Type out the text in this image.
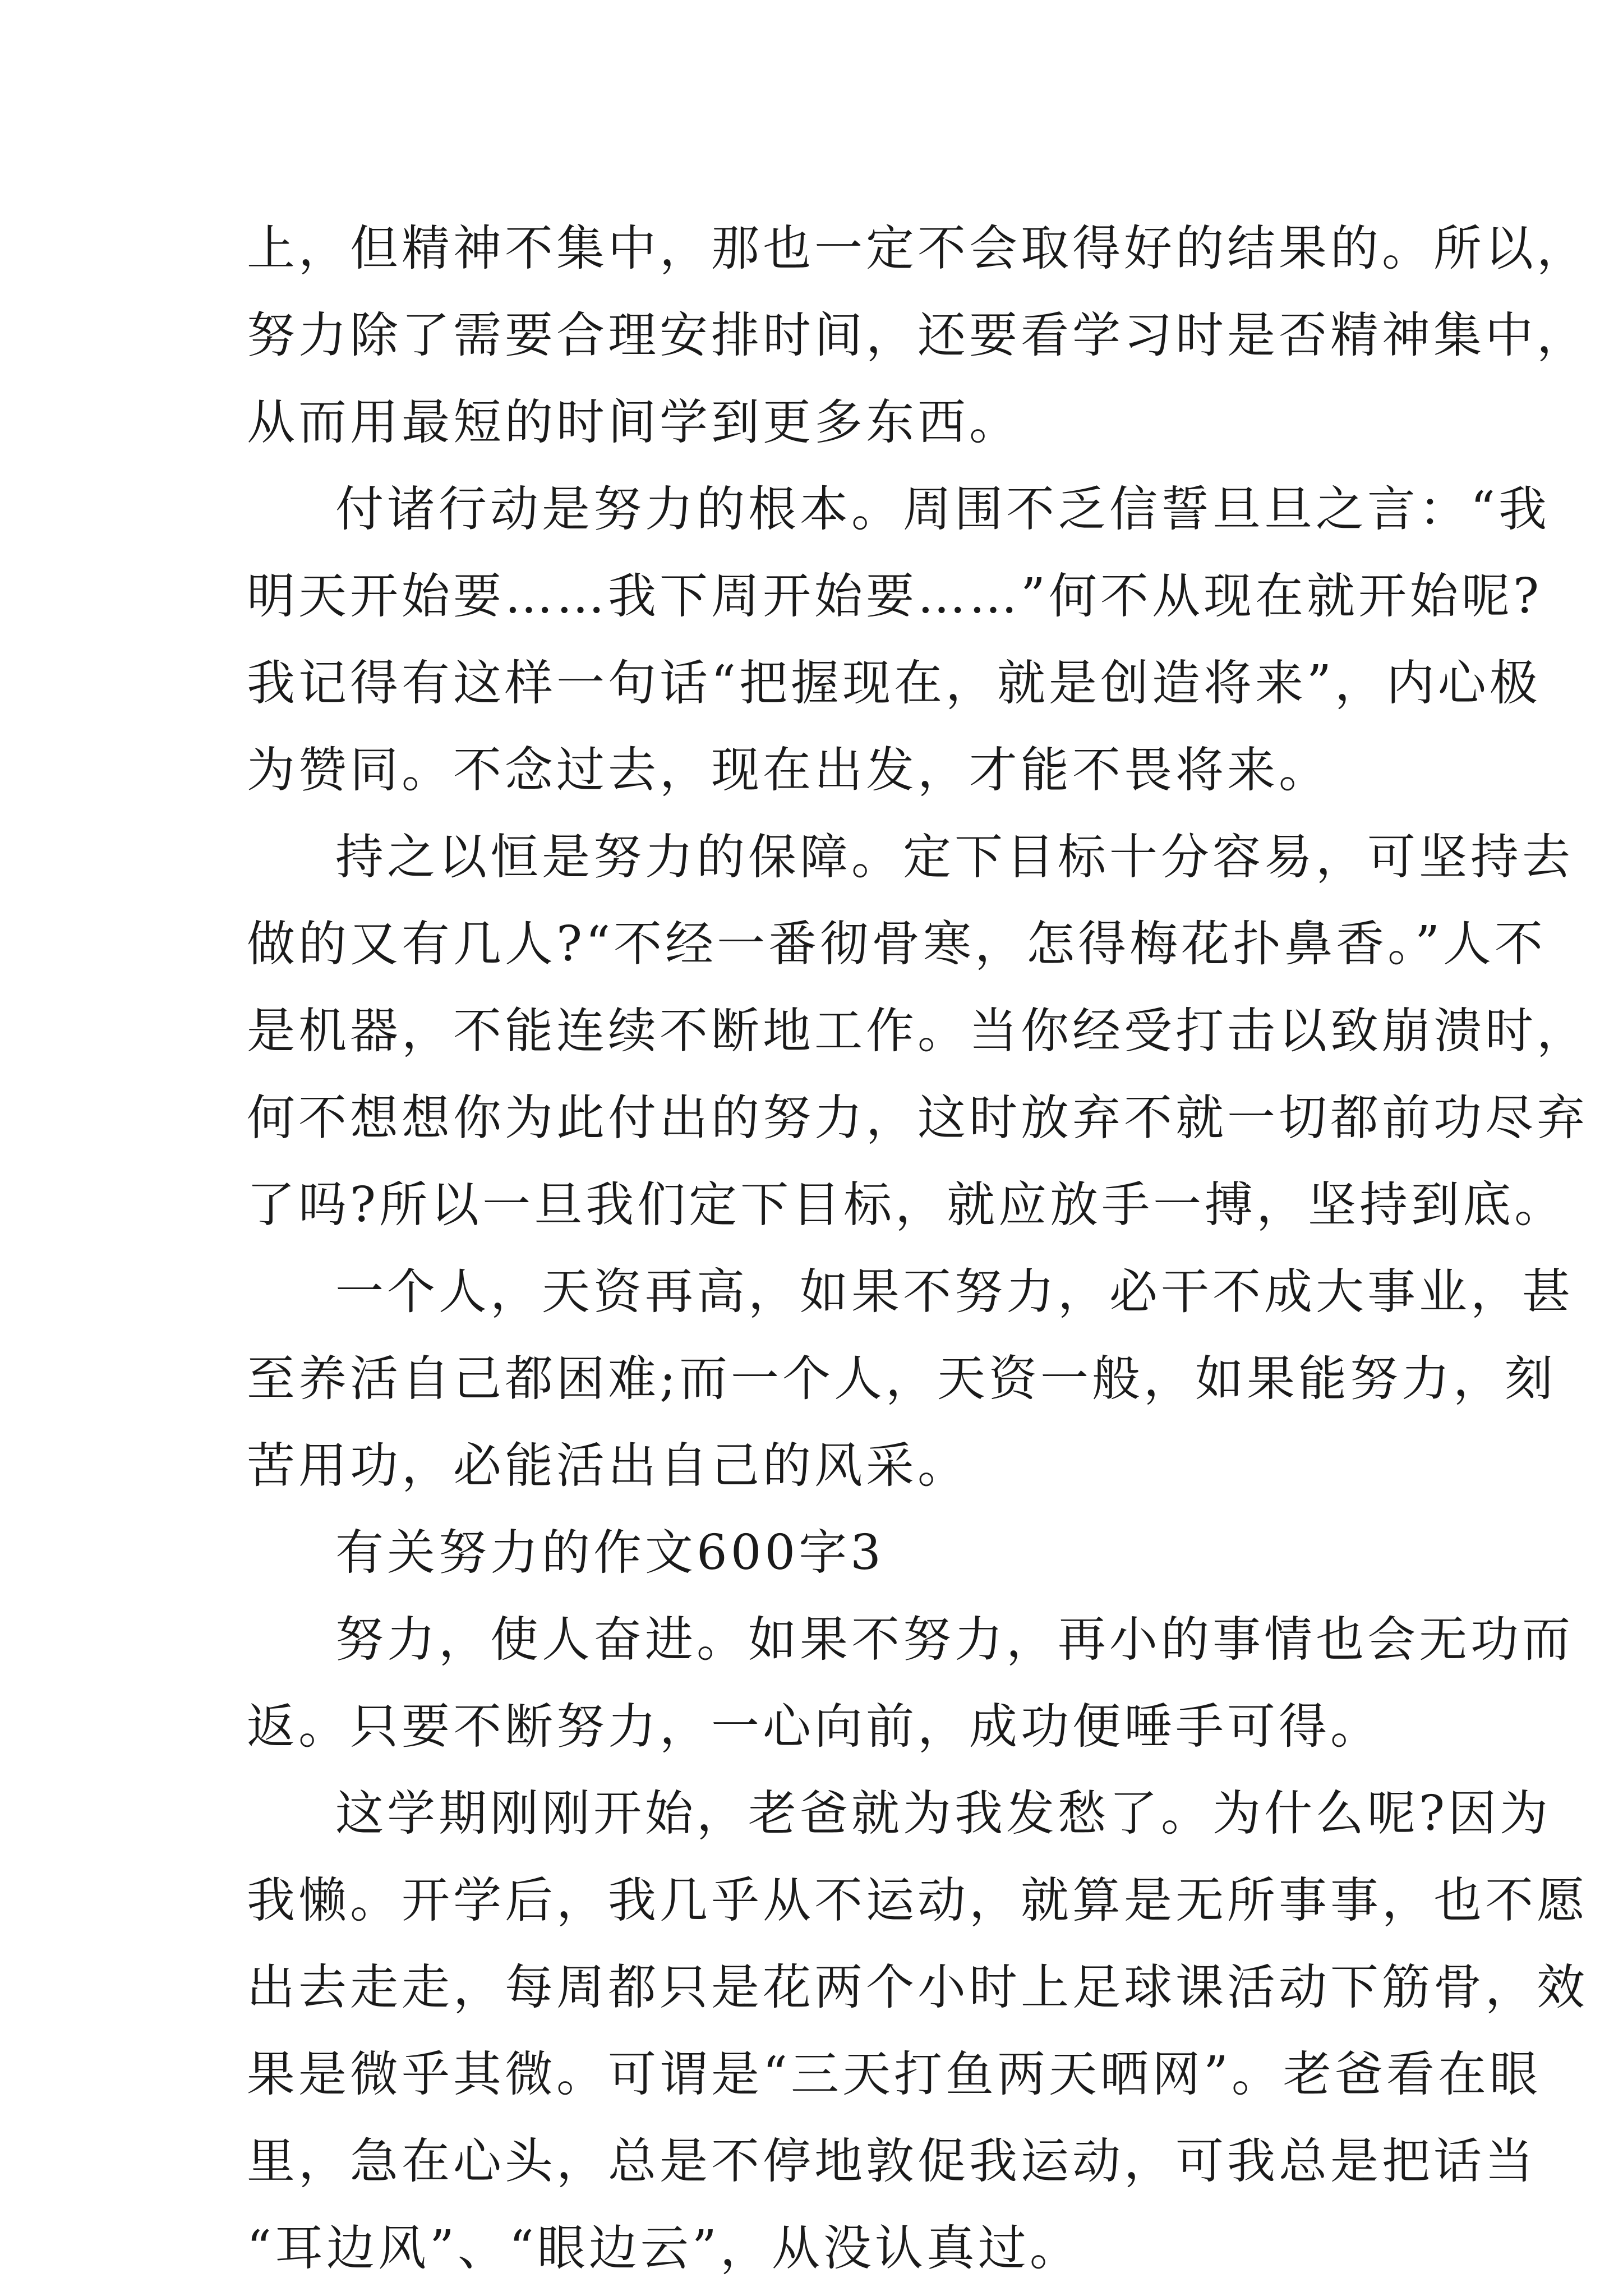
上，但精神不集中，那也一定不会取得好的结果的。所以，
努力除了需要合理安排时间，还要看学习时是否精神集中，
从而用最短的时间学到更多东西。
付诸行动是努力的根本。周围不乏信誓旦旦之言：“我
明天开始要……我下周开始要……”何不从现在就开始呢?
我记得有这样一句话“把握现在，就是创造将来”，内心极
为赞同。不念过去，现在出发，才能不畏将来。
持之以恒是努力的保障。定下目标十分容易，可坚持去
做的又有几人?“不经一番彻骨寒，怎得梅花扑鼻香。”人不
是机器，不能连续不断地工作。当你经受打击以致崩溃时，
何不想想你为此付出的努力，这时放弃不就一切都前功尽弃
了吗?所以一旦我们定下目标，就应放手一搏，坚持到底。
一个人，天资再高，如果不努力，必干不成大事业，甚
至养活自己都困难;而一个人，天资一般，如果能努力，刻
苦用功，必能活出自己的风采。
有关努力的作文600字3
努力，使人奋进。如果不努力，再小的事情也会无功而
返。只要不断努力，一心向前，成功便唾手可得。
这学期刚刚开始，老爸就为我发愁了。为什么呢?因为
我懒。开学后，我几乎从不运动，就算是无所事事，也不愿
出去走走，每周都只是花两个小时上足球课活动下筋骨，效
果是微乎其微。可谓是“三天打鱼两天晒网”。老爸看在眼
里，急在心头，总是不停地敦促我运动，可我总是把话当
“耳边风”、“眼边云”，从没认真过。
